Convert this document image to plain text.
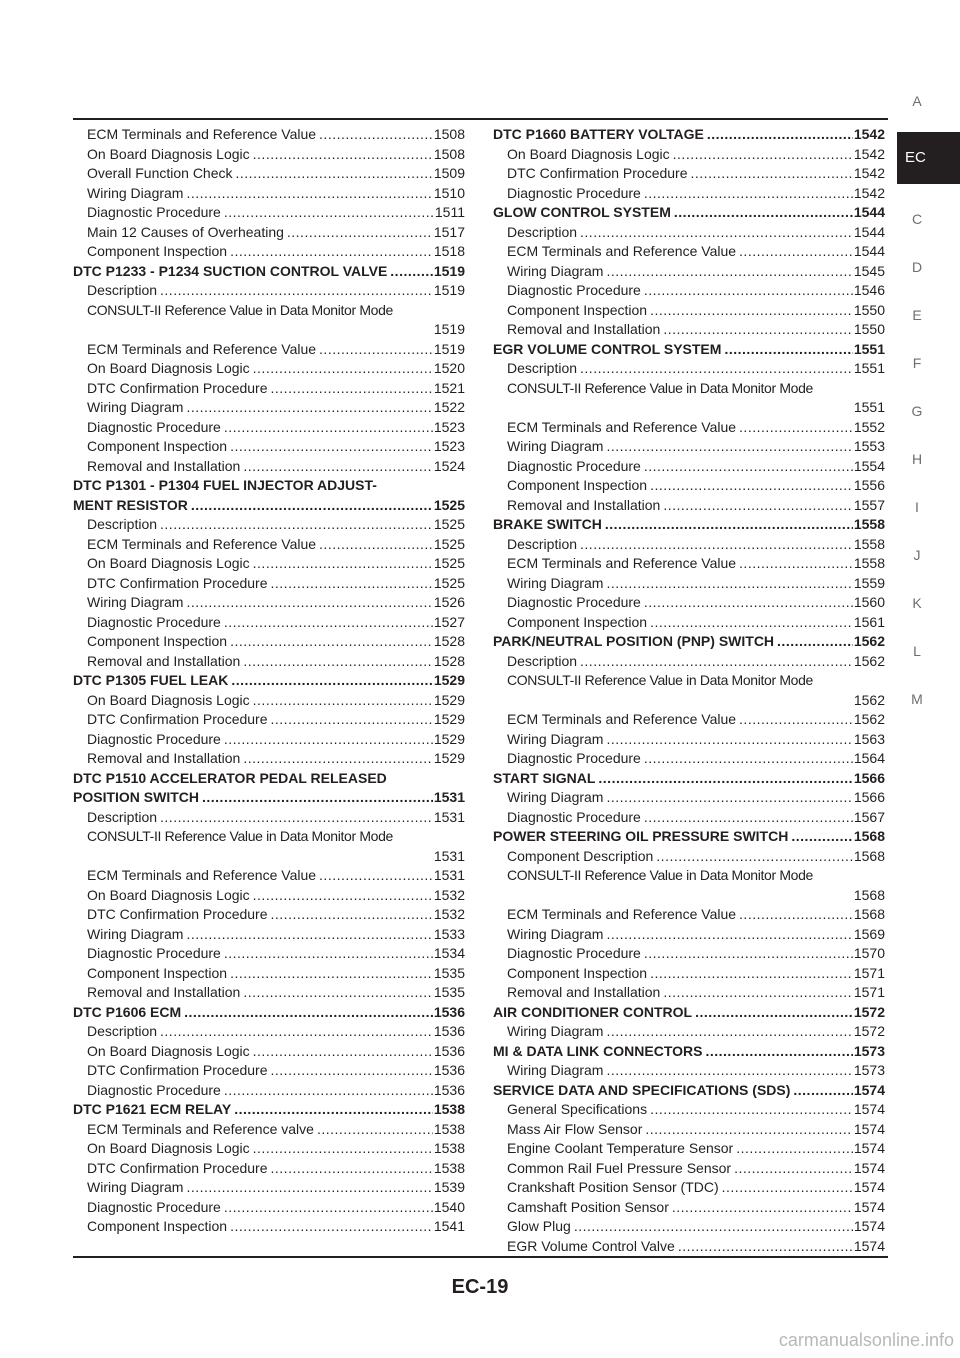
ECM Terminals and Reference Value .....	1508
On Board Diagnosis Logic .....	1508
Overall Function Check .....	1509
Wiring Diagram .....	1510
Diagnostic Procedure .....	1511
Main 12 Causes of Overheating .....	1517
Component Inspection .....	1518
DTC P1233 - P1234 SUCTION CONTROL VALVE .....	1519
Description .....	1519
CONSULT-II Reference Value in Data Monitor Mode
1519
ECM Terminals and Reference Value .....	1519
On Board Diagnosis Logic .....	1520
DTC Confirmation Procedure .....	1521
Wiring Diagram .....	1522
Diagnostic Procedure .....	1523
Component Inspection .....	1523
Removal and Installation .....	1524
DTC P1301 - P1304 FUEL INJECTOR ADJUST-
MENT RESISTOR .....	1525
Description .....	1525
ECM Terminals and Reference Value .....	1525
On Board Diagnosis Logic .....	1525
DTC Confirmation Procedure .....	1525
Wiring Diagram .....	1526
Diagnostic Procedure .....	1527
Component Inspection .....	1528
Removal and Installation .....	1528
DTC P1305 FUEL LEAK .....	1529
On Board Diagnosis Logic .....	1529
DTC Confirmation Procedure .....	1529
Diagnostic Procedure .....	1529
Removal and Installation .....	1529
DTC P1510 ACCELERATOR PEDAL RELEASED
POSITION SWITCH .....	1531
Description .....	1531
CONSULT-II Reference Value in Data Monitor Mode
1531
ECM Terminals and Reference Value .....	1531
On Board Diagnosis Logic .....	1532
DTC Confirmation Procedure .....	1532
Wiring Diagram .....	1533
Diagnostic Procedure .....	1534
Component Inspection .....	1535
Removal and Installation .....	1535
DTC P1606 ECM .....	1536
Description .....	1536
On Board Diagnosis Logic .....	1536
DTC Confirmation Procedure .....	1536
Diagnostic Procedure .....	1536
DTC P1621 ECM RELAY .....	1538
ECM Terminals and Reference valve .....	1538
On Board Diagnosis Logic .....	1538
DTC Confirmation Procedure .....	1538
Wiring Diagram .....	1539
Diagnostic Procedure .....	1540
Component Inspection .....	1541
DTC P1660 BATTERY VOLTAGE .....	1542
On Board Diagnosis Logic .....	1542
DTC Confirmation Procedure .....	1542
Diagnostic Procedure .....	1542
GLOW CONTROL SYSTEM .....	1544
Description .....	1544
ECM Terminals and Reference Value .....	1544
Wiring Diagram .....	1545
Diagnostic Procedure .....	1546
Component Inspection .....	1550
Removal and Installation .....	1550
EGR VOLUME CONTROL SYSTEM .....	1551
Description .....	1551
CONSULT-II Reference Value in Data Monitor Mode
1551
ECM Terminals and Reference Value .....	1552
Wiring Diagram .....	1553
Diagnostic Procedure .....	1554
Component Inspection .....	1556
Removal and Installation .....	1557
BRAKE SWITCH .....	1558
Description .....	1558
ECM Terminals and Reference Value .....	1558
Wiring Diagram .....	1559
Diagnostic Procedure .....	1560
Component Inspection .....	1561
PARK/NEUTRAL POSITION (PNP) SWITCH .....	1562
Description .....	1562
CONSULT-II Reference Value in Data Monitor Mode
1562
ECM Terminals and Reference Value .....	1562
Wiring Diagram .....	1563
Diagnostic Procedure .....	1564
START SIGNAL .....	1566
Wiring Diagram .....	1566
Diagnostic Procedure .....	1567
POWER STEERING OIL PRESSURE SWITCH .....	1568
Component Description .....	1568
CONSULT-II Reference Value in Data Monitor Mode
1568
ECM Terminals and Reference Value .....	1568
Wiring Diagram .....	1569
Diagnostic Procedure .....	1570
Component Inspection .....	1571
Removal and Installation .....	1571
AIR CONDITIONER CONTROL .....	1572
Wiring Diagram .....	1572
MI & DATA LINK CONNECTORS .....	1573
Wiring Diagram .....	1573
SERVICE DATA AND SPECIFICATIONS (SDS) .....	1574
General Specifications .....	1574
Mass Air Flow Sensor .....	1574
Engine Coolant Temperature Sensor .....	1574
Common Rail Fuel Pressure Sensor .....	1574
Crankshaft Position Sensor (TDC) .....	1574
Camshaft Position Sensor .....	1574
Glow Plug .....	1574
EGR Volume Control Valve .....	1574
A
EC
C
D
E
F
G
H
I
J
K
L
M
EC-19
carmanualsonline.info
